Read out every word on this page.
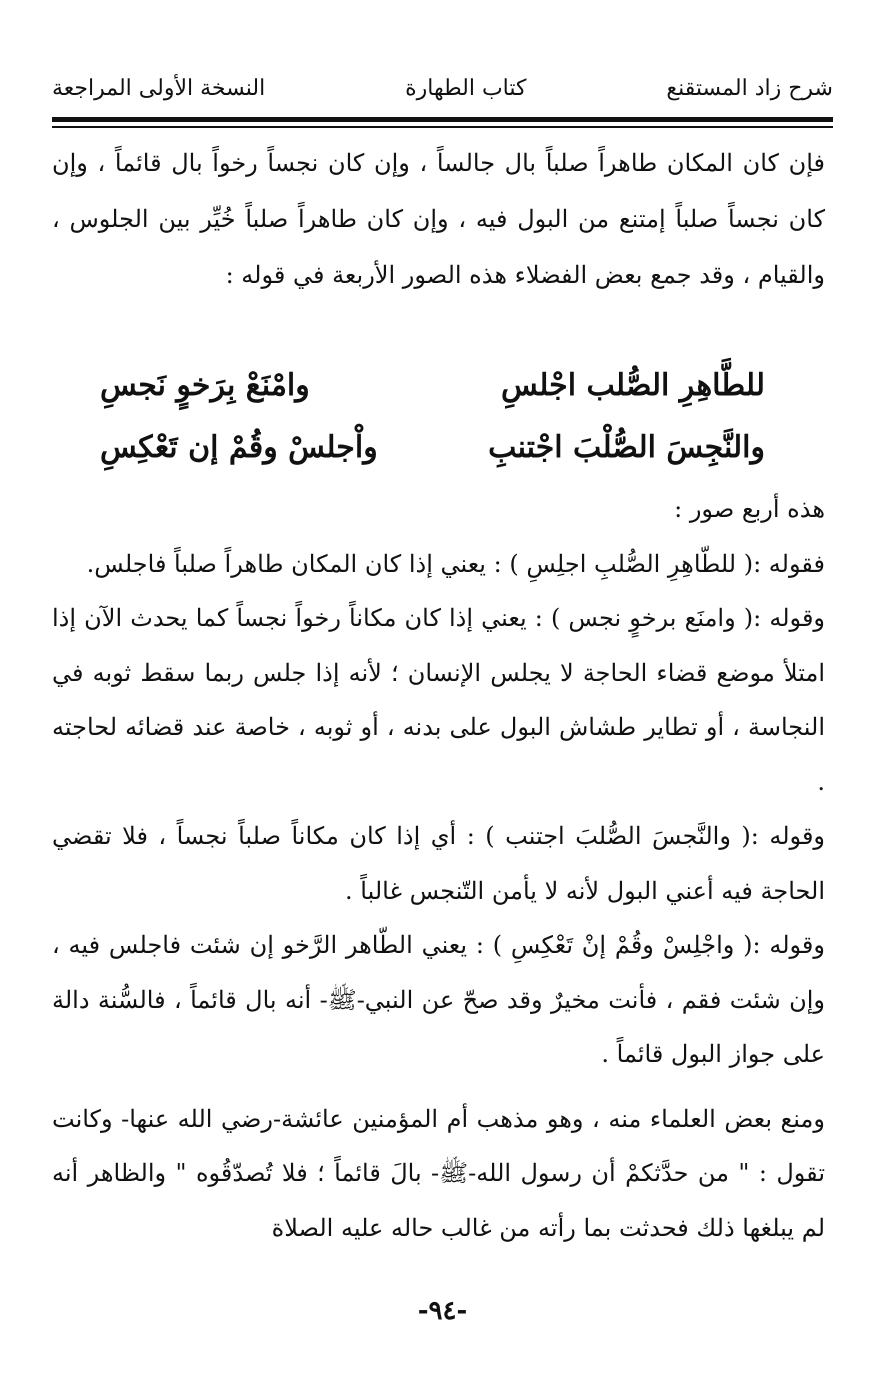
شرح زاد المستقنع
كتاب الطهارة
النسخة الأولى المراجعة

فإن كان المكان طاهراً صلباً بال جالساً ، وإن كان نجساً رخواً بال قائماً ، وإن كان نجساً صلباً إمتنع من البول فيه ، وإن كان طاهراً صلباً خُيِّر بين الجلوس ، والقيام ، وقد جمع بعض الفضلاء هذه الصور الأربعة في قوله :

للطَّاهِرِ الصُّلب اجْلسِ
وامْنَعْ بِرَخوٍ نَجسِ
والنَّجِسَ الصُّلْبَ اجْتنبِ
واْجلسْ وقُمْ إن تَعْكِسِ

هذه أربع صور :

فقوله :( للطّاهِرِ الصُّلبِ اجلِسِ ) : يعني إذا كان المكان طاهراً صلباً فاجلس.

وقوله :( وامنَع برخوٍ نجس ) : يعني إذا كان مكاناً رخواً نجساً كما يحدث الآن إذا امتلأ موضع قضاء الحاجة لا يجلس الإنسان ؛ لأنه إذا جلس ربما سقط ثوبه في النجاسة ، أو تطاير طشاش البول على بدنه ، أو ثوبه ، خاصة عند قضائه لحاجته .

وقوله :( والنَّجسَ الصُّلبَ اجتنب ) : أي إذا كان مكاناً صلباً نجساً ، فلا تقضي الحاجة فيه أعني البول لأنه لا يأمن التّنجس غالباً .

وقوله :( واجْلِسْ وقُمْ إنْ تَعْكِسِ ) : يعني الطّاهر الرَّخو إن شئت فاجلس فيه ، وإن شئت فقم ، فأنت مخيرٌ وقد صحّ عن النبي-ﷺ- أنه بال قائماً ، فالسُّنة دالة على جواز البول قائماً .

ومنع بعض العلماء منه ، وهو مذهب أم المؤمنين عائشة-رضي الله عنها- وكانت تقول : " من حدَّثكمْ أن رسول الله-ﷺ- بالَ قائماً ؛ فلا تُصدّقُوه " والظاهر أنه لم يبلغها ذلك فحدثت بما رأته من غالب حاله عليه الصلاة

-٩٤-
